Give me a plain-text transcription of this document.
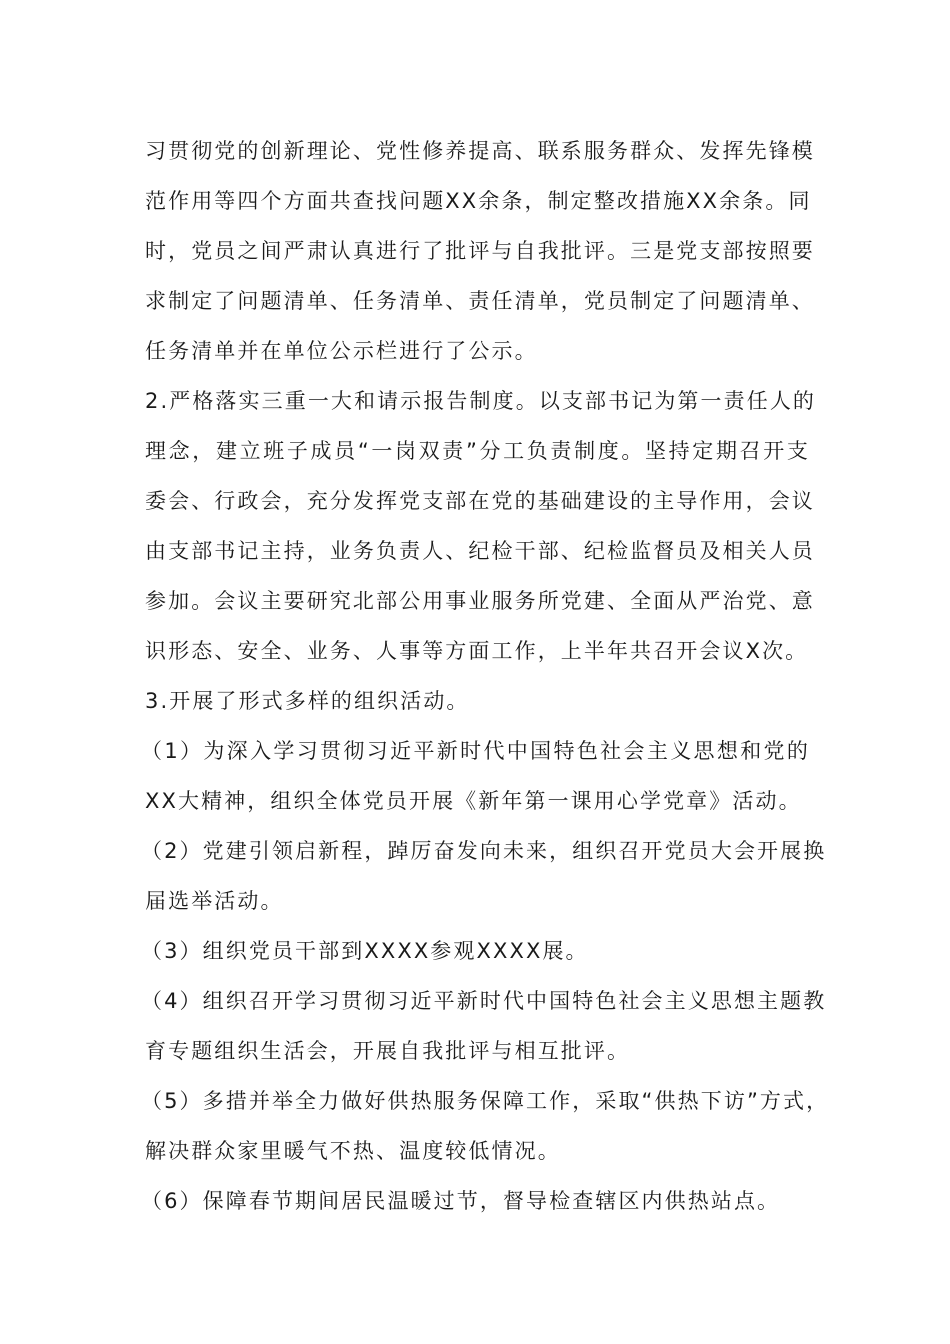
习贯彻党的创新理论、党性修养提高、联系服务群众、发挥先锋模
范作用等四个方面共查找问题XX余条，制定整改措施XX余条。同
时，党员之间严肃认真进行了批评与自我批评。三是党支部按照要
求制定了问题清单、任务清单、责任清单，党员制定了问题清单、
任务清单并在单位公示栏进行了公示。
2.严格落实三重一大和请示报告制度。以支部书记为第一责任人的
理念，建立班子成员“一岗双责”分工负责制度。坚持定期召开支
委会、行政会，充分发挥党支部在党的基础建设的主导作用，会议
由支部书记主持，业务负责人、纪检干部、纪检监督员及相关人员
参加。会议主要研究北部公用事业服务所党建、全面从严治党、意
识形态、安全、业务、人事等方面工作，上半年共召开会议X次。
3.开展了形式多样的组织活动。
（1）为深入学习贯彻习近平新时代中国特色社会主义思想和党的
XX大精神，组织全体党员开展《新年第一课用心学党章》活动。
（2）党建引领启新程，踔厉奋发向未来，组织召开党员大会开展换
届选举活动。
（3）组织党员干部到XXXX参观XXXX展。
（4）组织召开学习贯彻习近平新时代中国特色社会主义思想主题教
育专题组织生活会，开展自我批评与相互批评。
（5）多措并举全力做好供热服务保障工作，采取“供热下访”方式，
解决群众家里暖气不热、温度较低情况。
（6）保障春节期间居民温暖过节，督导检查辖区内供热站点。
